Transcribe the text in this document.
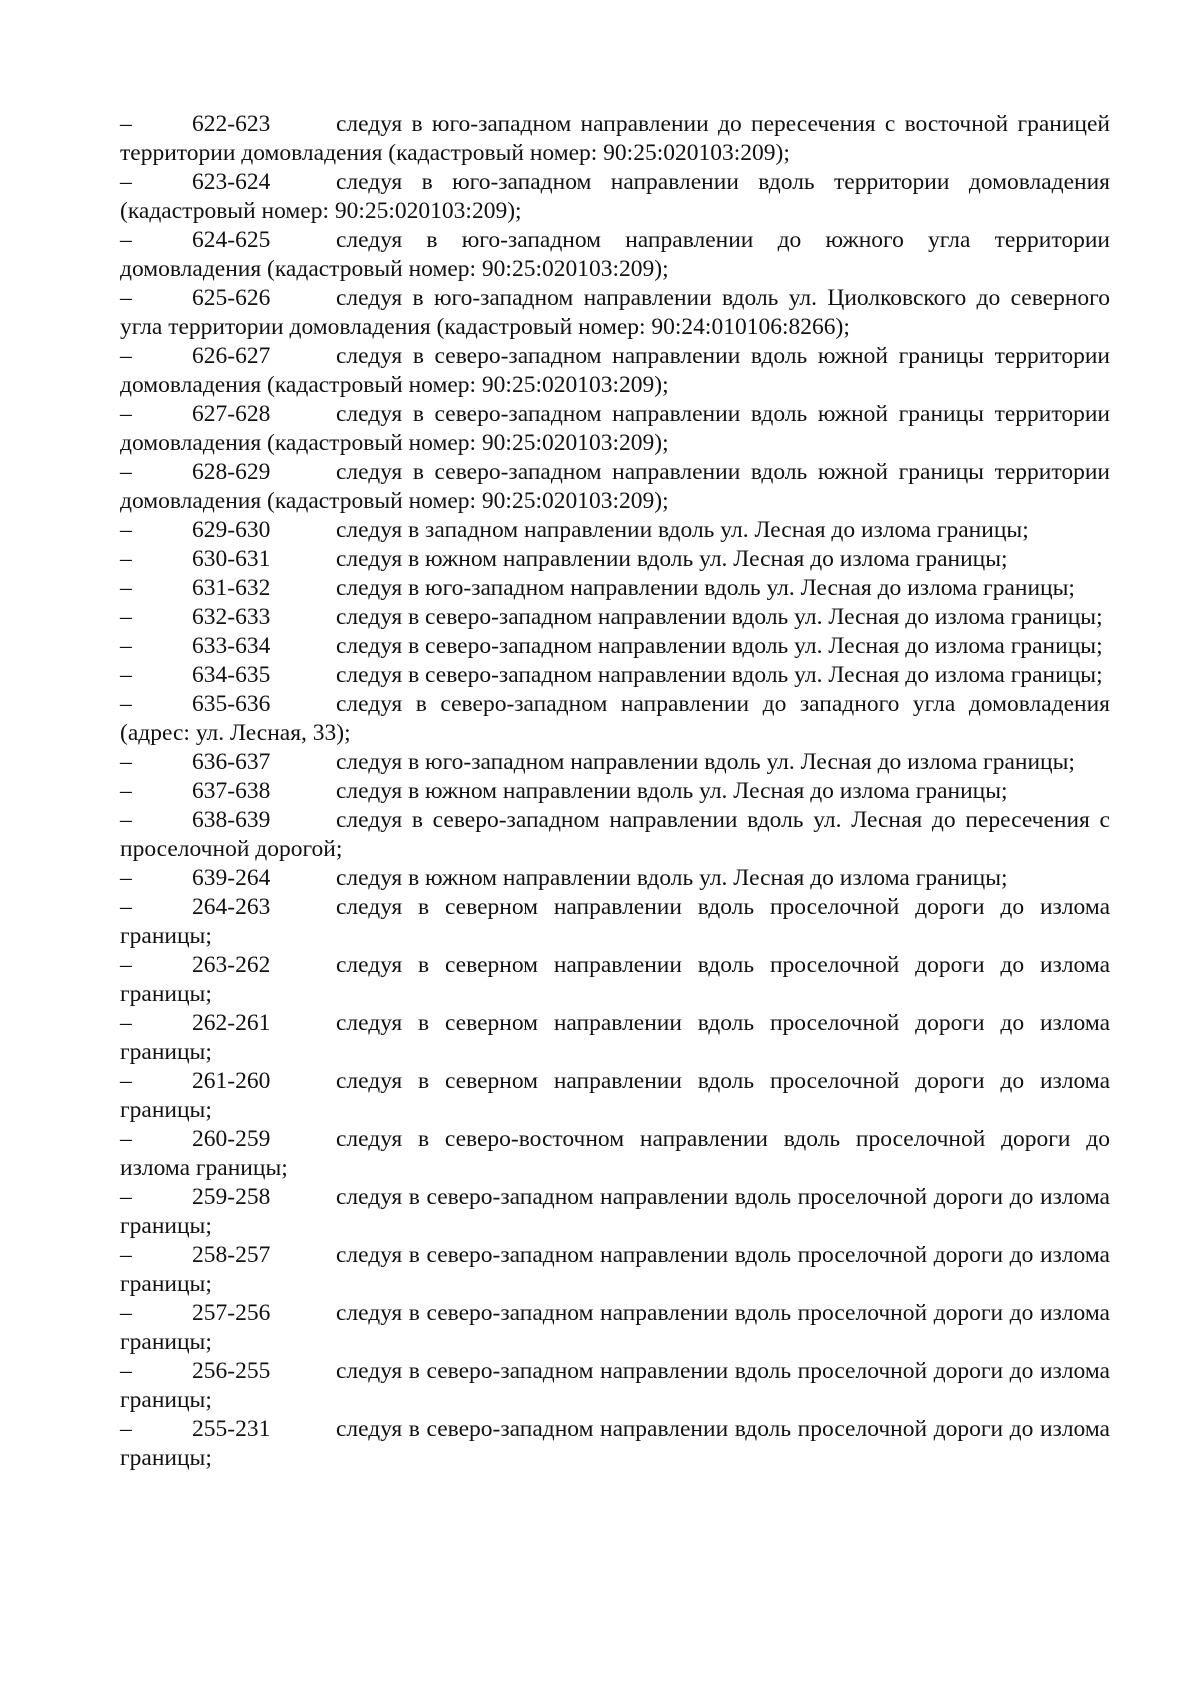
–	622-623	следуя в юго-западном направлении до пересечения с восточной границей территории домовладения (кадастровый номер: 90:25:020103:209);

–	623-624	следуя в юго-западном направлении вдоль территории домовладения (кадастровый номер: 90:25:020103:209);

–	624-625	следуя в юго-западном направлении до южного угла территории домовладения (кадастровый номер: 90:25:020103:209);

–	625-626	следуя в юго-западном направлении вдоль ул. Циолковского до северного угла территории домовладения (кадастровый номер: 90:24:010106:8266);

–	626-627	следуя в северо-западном направлении вдоль южной границы территории домовладения (кадастровый номер: 90:25:020103:209);

–	627-628	следуя в северо-западном направлении вдоль южной границы территории домовладения (кадастровый номер: 90:25:020103:209);

–	628-629	следуя в северо-западном направлении вдоль южной границы территории домовладения (кадастровый номер: 90:25:020103:209);

–	629-630	следуя в западном направлении вдоль ул. Лесная до излома границы;

–	630-631	следуя в южном направлении вдоль ул. Лесная до излома границы;

–	631-632	следуя в юго-западном направлении вдоль ул. Лесная до излома границы;

–	632-633	следуя в северо-западном направлении вдоль ул. Лесная до излома границы;

–	633-634	следуя в северо-западном направлении вдоль ул. Лесная до излома границы;

–	634-635	следуя в северо-западном направлении вдоль ул. Лесная до излома границы;

–	635-636	следуя в северо-западном направлении до западного угла домовладения (адрес: ул. Лесная, 33);

–	636-637	следуя в юго-западном направлении вдоль ул. Лесная до излома границы;

–	637-638	следуя в южном направлении вдоль ул. Лесная до излома границы;

–	638-639	следуя в северо-западном направлении вдоль ул. Лесная до пересечения с проселочной дорогой;

–	639-264	следуя в южном направлении вдоль ул. Лесная до излома границы;

–	264-263	следуя в северном направлении вдоль проселочной дороги до излома границы;

–	263-262	следуя в северном направлении вдоль проселочной дороги до излома границы;

–	262-261	следуя в северном направлении вдоль проселочной дороги до излома границы;

–	261-260	следуя в северном направлении вдоль проселочной дороги до излома границы;

–	260-259	следуя в северо-восточном направлении вдоль проселочной дороги до излома границы;

–	259-258	следуя в северо-западном направлении вдоль проселочной дороги до излома границы;

–	258-257	следуя в северо-западном направлении вдоль проселочной дороги до излома границы;

–	257-256	следуя в северо-западном направлении вдоль проселочной дороги до излома границы;

–	256-255	следуя в северо-западном направлении вдоль проселочной дороги до излома границы;

–	255-231	следуя в северо-западном направлении вдоль проселочной дороги до излома границы;
